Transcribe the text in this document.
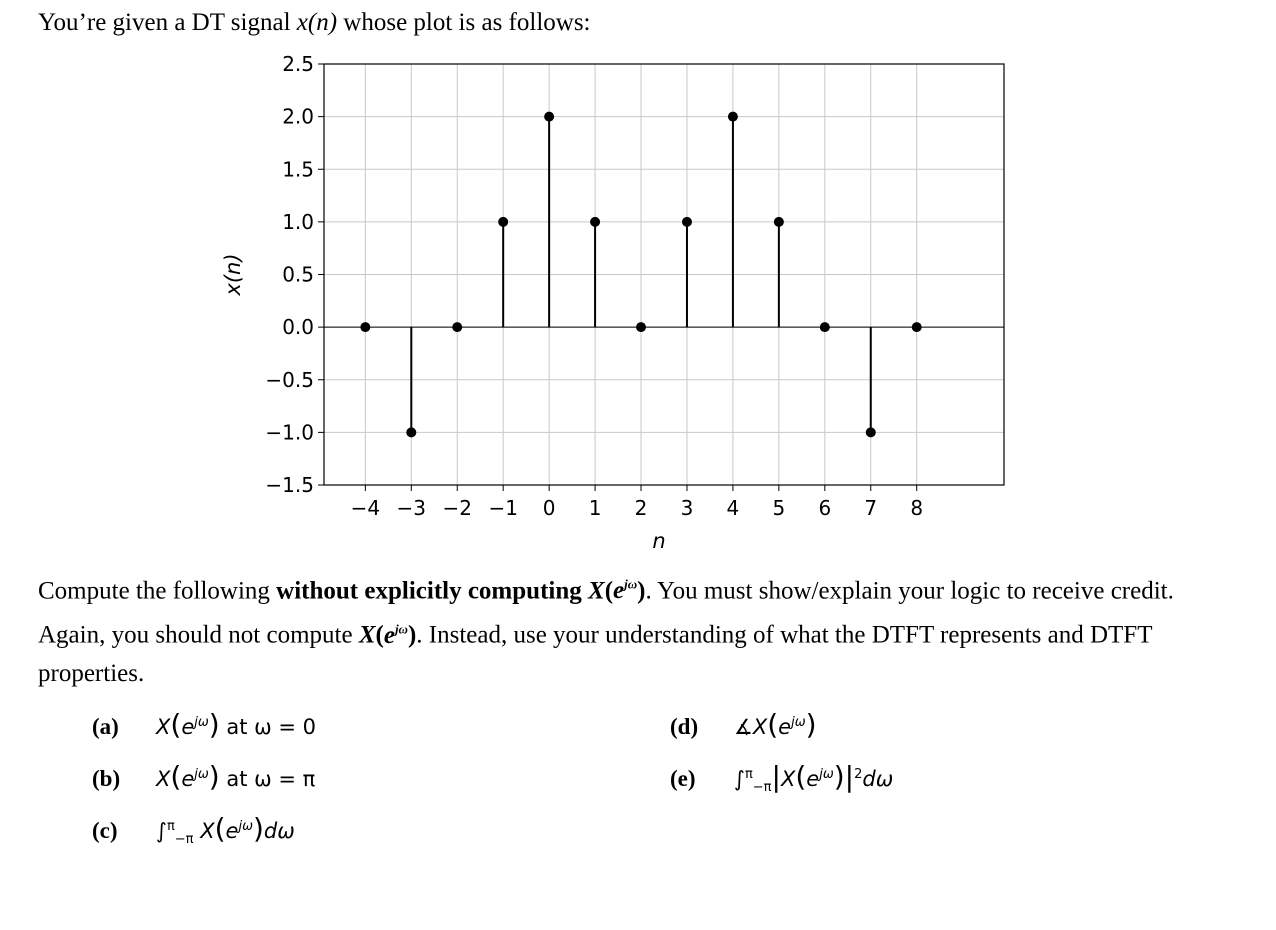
You’re given a DT signal x(n) whose plot is as follows:
−1.5
−1.0
−0.5
0.0
0.5
1.0
1.5
2.0
2.5
−4 −3 −2 −1 0 1 2 3 4 5 6 7 8
n
x(n)
Compute the following without explicitly computing $X(e^{j\omega})$. You must show/explain your logic to receive credit. Again, you should not compute $X(e^{j\omega})$. Instead, use your understanding of what the DTFT represents and DTFT properties.
(a) $X(e^{j\omega})$ at ω = 0
(b) $X(e^{j\omega})$ at ω = π
(c) ∫$^\pi_{-\pi}$ $X(e^{j\omega})d\omega$
(d) $∡X(e^{j\omega})$
(e) $\int^\pi_{-\pi}|X(e^{j\omega})|^2d\omega$
